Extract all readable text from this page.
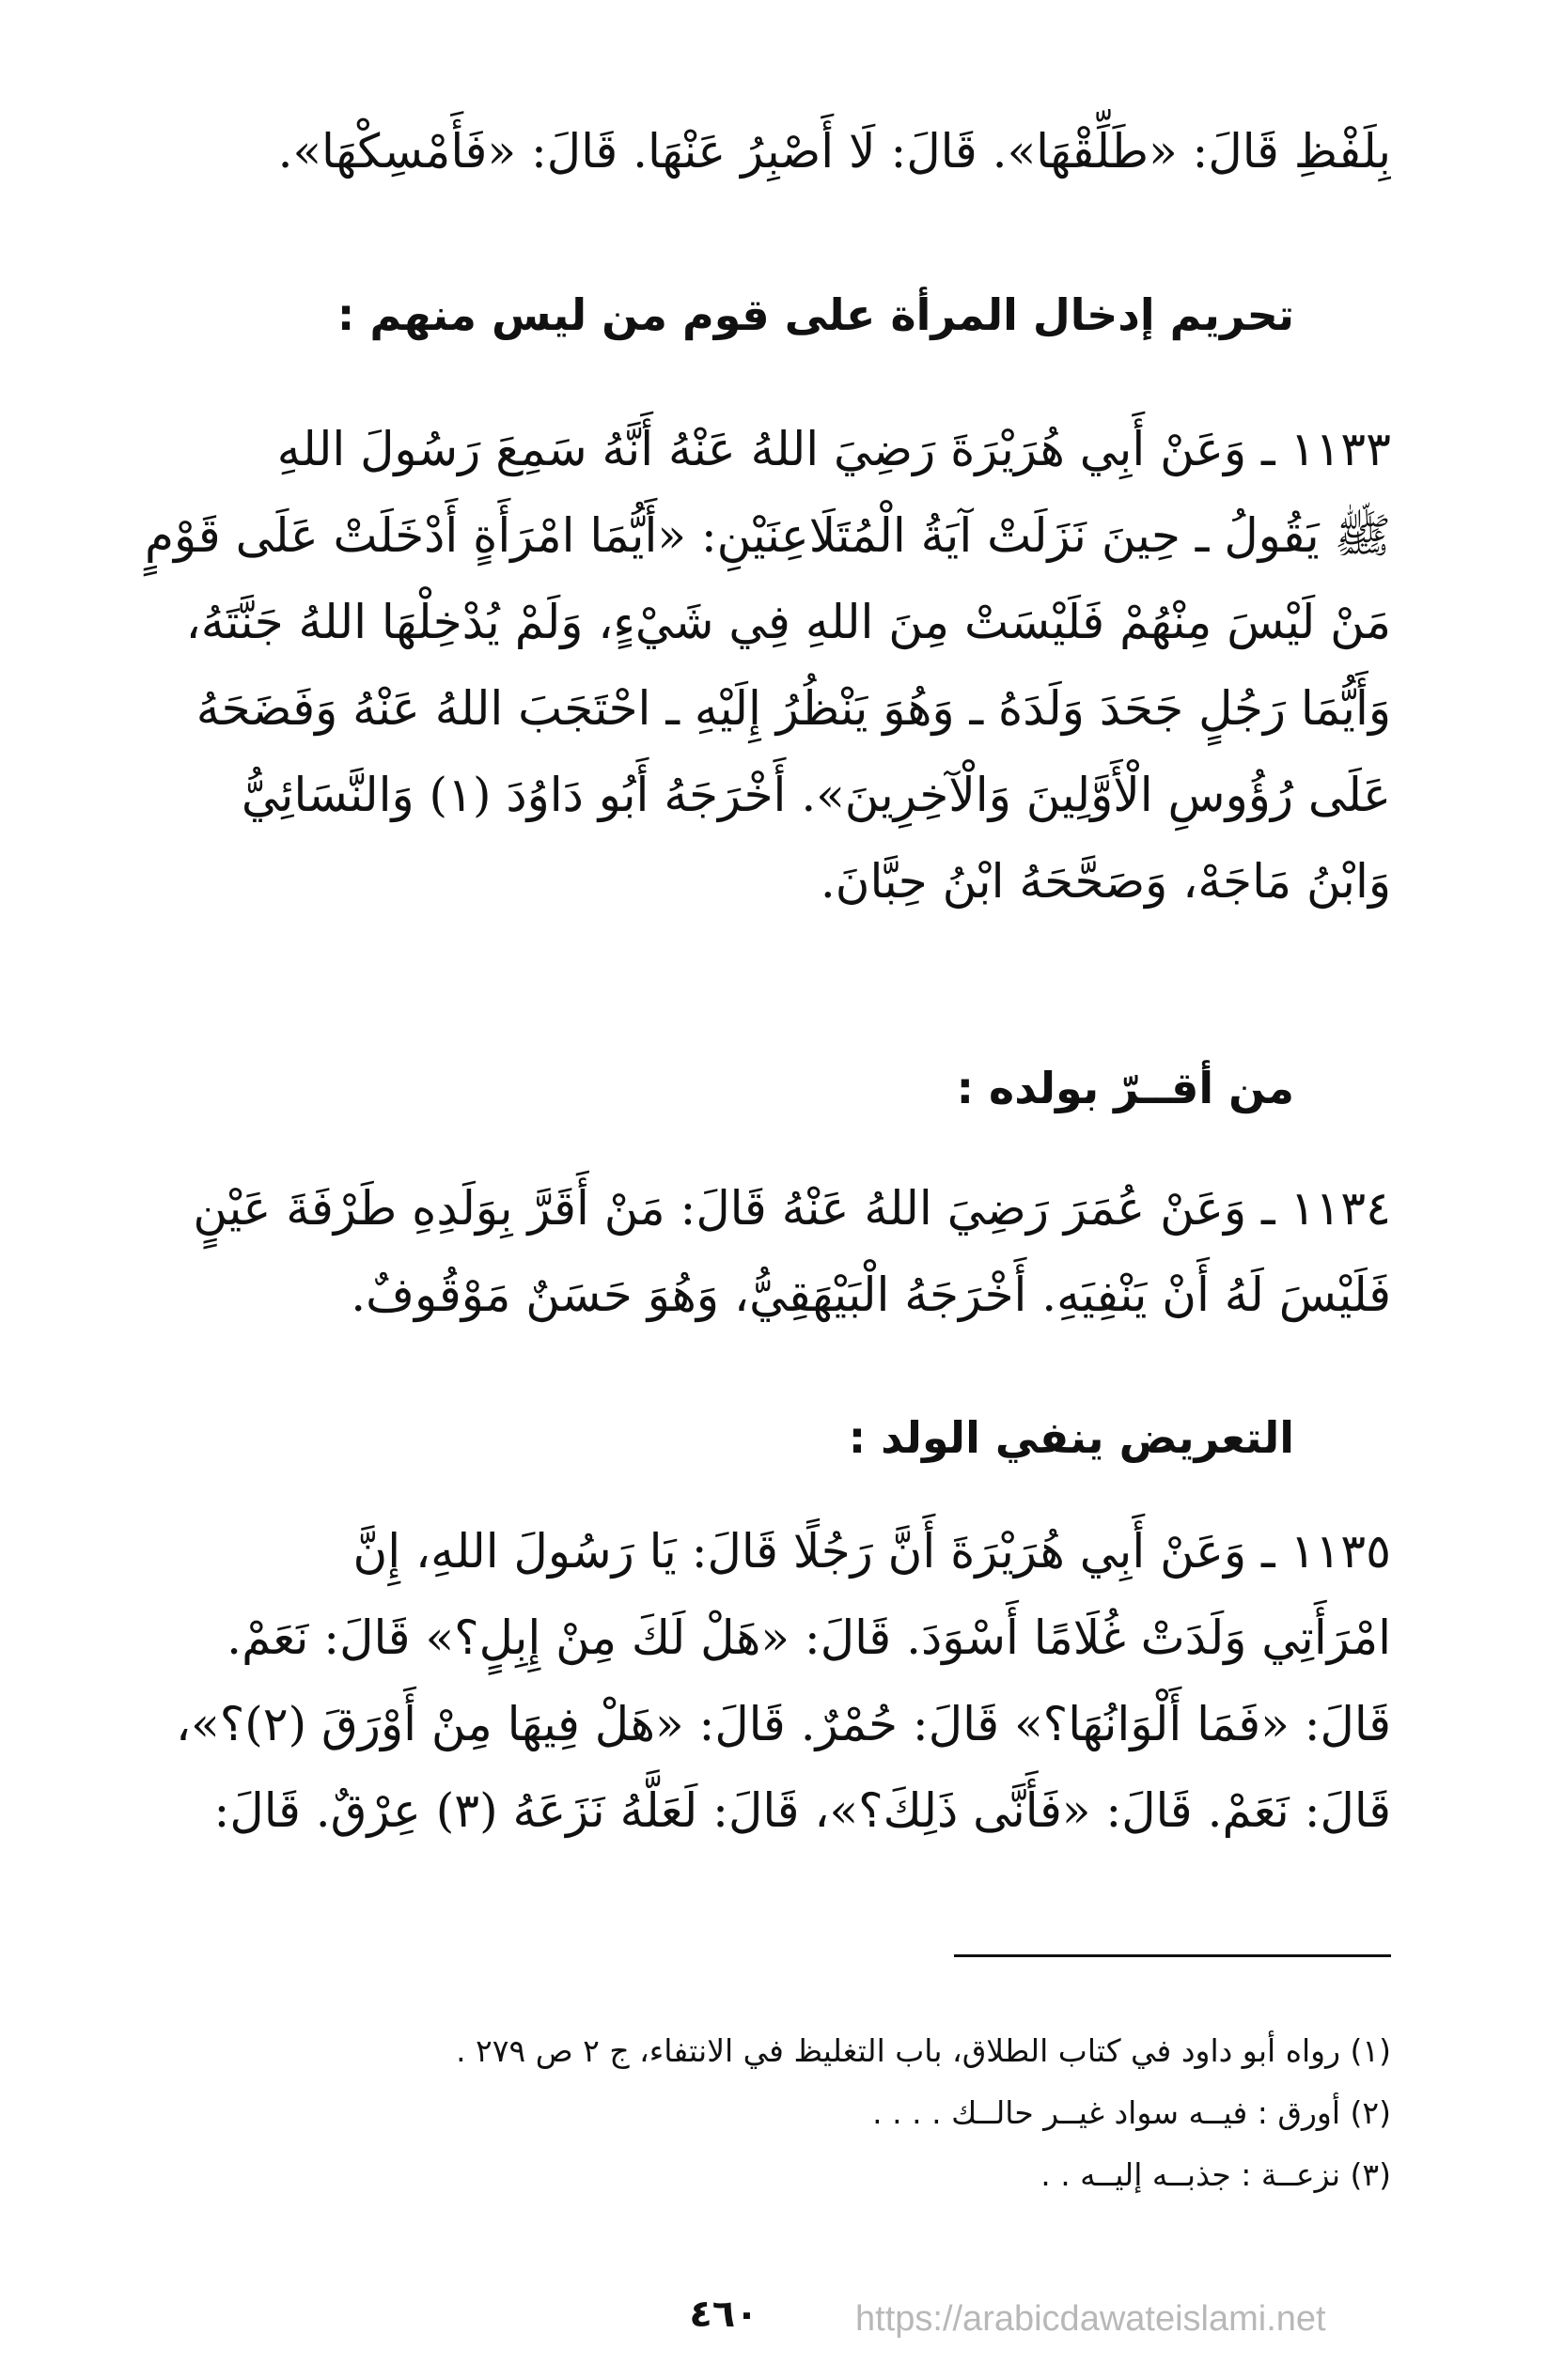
بِلَفْظِ قَالَ: «طَلِّقْهَا». قَالَ: لَا أَصْبِرُ عَنْهَا. قَالَ: «فَأَمْسِكْهَا».
تحريم إدخال المرأة على قوم من ليس منهم :
١١٣٣ ـ وَعَنْ أَبِي هُرَيْرَةَ رَضِيَ اللهُ عَنْهُ أَنَّهُ سَمِعَ رَسُولَ اللهِ
ﷺ يَقُولُ ـ حِينَ نَزَلَتْ آيَةُ الْمُتَلَاعِنَيْنِ: «أَيُّمَا امْرَأَةٍ أَدْخَلَتْ عَلَى قَوْمٍ
مَنْ لَيْسَ مِنْهُمْ فَلَيْسَتْ مِنَ اللهِ فِي شَيْءٍ، وَلَمْ يُدْخِلْهَا اللهُ جَنَّتَهُ،
وَأَيُّمَا رَجُلٍ جَحَدَ وَلَدَهُ ـ وَهُوَ يَنْظُرُ إِلَيْهِ ـ احْتَجَبَ اللهُ عَنْهُ وَفَضَحَهُ
عَلَى رُؤُوسِ الْأَوَّلِينَ وَالْآخِرِينَ». أَخْرَجَهُ أَبُو دَاوُدَ (١) وَالنَّسَائِيُّ
وَابْنُ مَاجَهْ، وَصَحَّحَهُ ابْنُ حِبَّانَ.
من أقــرّ بولده :
١١٣٤ ـ وَعَنْ عُمَرَ رَضِيَ اللهُ عَنْهُ قَالَ: مَنْ أَقَرَّ بِوَلَدِهِ طَرْفَةَ عَيْنٍ
فَلَيْسَ لَهُ أَنْ يَنْفِيَهِ. أَخْرَجَهُ الْبَيْهَقِيُّ، وَهُوَ حَسَنٌ مَوْقُوفٌ.
التعريض ينفي الولد :
١١٣٥ ـ وَعَنْ أَبِي هُرَيْرَةَ أَنَّ رَجُلًا قَالَ: يَا رَسُولَ اللهِ، إِنَّ
امْرَأَتِي وَلَدَتْ غُلَامًا أَسْوَدَ. قَالَ: «هَلْ لَكَ مِنْ إِبِلٍ؟» قَالَ: نَعَمْ.
قَالَ: «فَمَا أَلْوَانُهَا؟» قَالَ: حُمْرٌ. قَالَ: «هَلْ فِيهَا مِنْ أَوْرَقَ (٢)؟»،
قَالَ: نَعَمْ. قَالَ: «فَأَنَّى ذَلِكَ؟»، قَالَ: لَعَلَّهُ نَزَعَهُ (٣) عِرْقٌ. قَالَ:
(١) رواه أبو داود في كتاب الطلاق، باب التغليظ في الانتفاء، ج ٢ ص ٢٧٩ .
(٢) أورق : فيــه سواد غيــر حالــك . . . .
(٣) نزعــة : جذبــه إليــه . .
٤٦٠	https://arabicdawateislami.net
